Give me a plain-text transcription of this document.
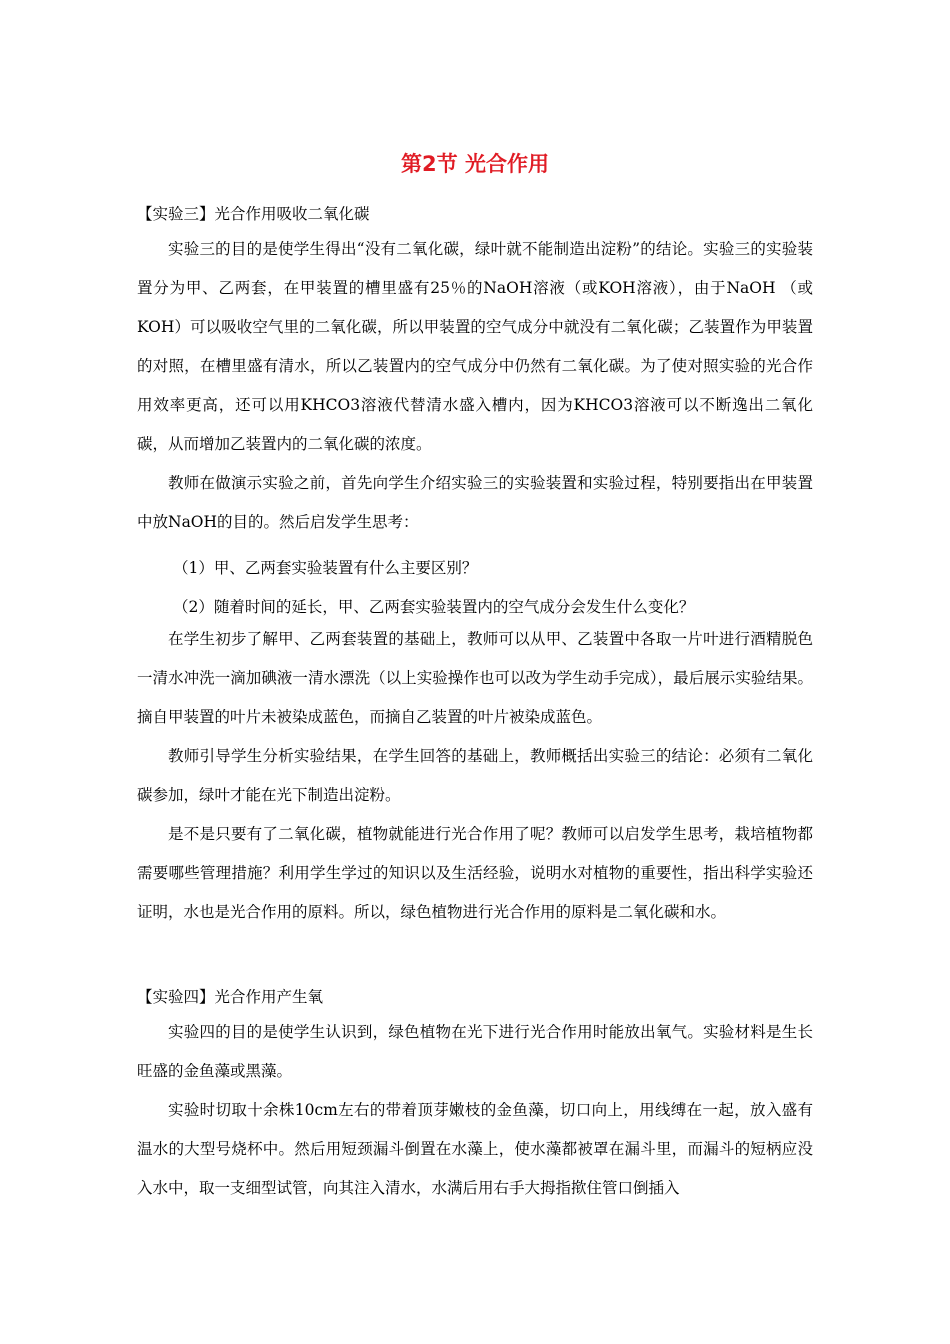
第2节 光合作用
【实验三】光合作用吸收二氧化碳

实验三的目的是使学生得出“没有二氧化碳，绿叶就不能制造出淀粉”的结论。实验三的实验装置分为甲、乙两套，在甲装置的槽里盛有25％的NaOH溶液（或KOH溶液），由于NaOH （或KOH）可以吸收空气里的二氧化碳，所以甲装置的空气成分中就没有二氧化碳；乙装置作为甲装置的对照，在槽里盛有清水，所以乙装置内的空气成分中仍然有二氧化碳。为了使对照实验的光合作用效率更高，还可以用KHCO3溶液代替清水盛入槽内，因为KHCO3溶液可以不断逸出二氧化碳，从而增加乙装置内的二氧化碳的浓度。

教师在做演示实验之前，首先向学生介绍实验三的实验装置和实验过程，特别要指出在甲装置中放NaOH的目的。然后启发学生思考：

（1）甲、乙两套实验装置有什么主要区别？
（2）随着时间的延长，甲、乙两套实验装置内的空气成分会发生什么变化？

在学生初步了解甲、乙两套装置的基础上，教师可以从甲、乙装置中各取一片叶进行酒精脱色一清水冲洗一滴加碘液一清水漂洗（以上实验操作也可以改为学生动手完成），最后展示实验结果。摘自甲装置的叶片未被染成蓝色，而摘自乙装置的叶片被染成蓝色。

教师引导学生分析实验结果，在学生回答的基础上，教师概括出实验三的结论：必须有二氧化碳参加，绿叶才能在光下制造出淀粉。

是不是只要有了二氧化碳，植物就能进行光合作用了呢？教师可以启发学生思考，栽培植物都需要哪些管理措施？利用学生学过的知识以及生活经验，说明水对植物的重要性，指出科学实验还证明，水也是光合作用的原料。所以，绿色植物进行光合作用的原料是二氧化碳和水。

【实验四】光合作用产生氧

实验四的目的是使学生认识到，绿色植物在光下进行光合作用时能放出氧气。实验材料是生长旺盛的金鱼藻或黑藻。

实验时切取十余株10cm左右的带着顶芽嫩枝的金鱼藻，切口向上，用线缚在一起，放入盛有温水的大型号烧杯中。然后用短颈漏斗倒置在水藻上，使水藻都被罩在漏斗里，而漏斗的短柄应没入水中，取一支细型试管，向其注入清水，水满后用右手大拇指揿住管口倒插入
